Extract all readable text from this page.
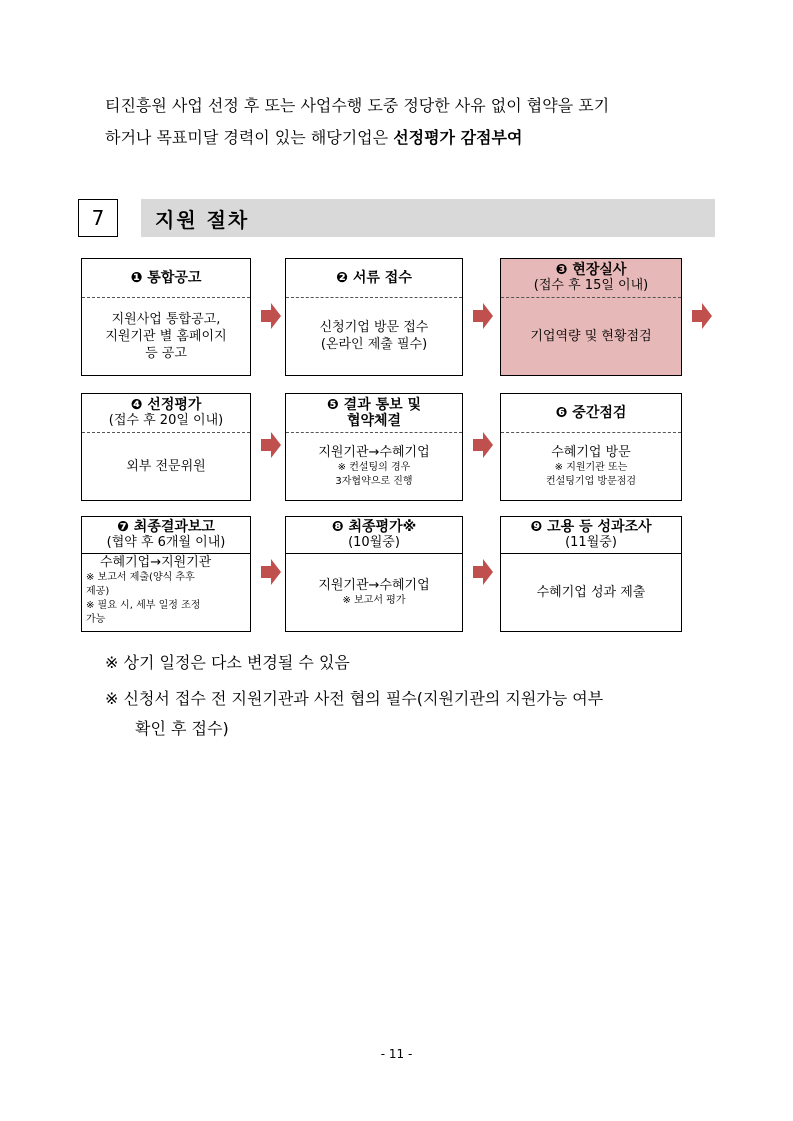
티진흥원 사업 선정 후 또는 사업수행 도중 정당한 사유 없이 협약을 포기
하거나 목표미달 경력이 있는 해당기업은 선정평가 감점부여
7	지원 절차
❶ 통합공고
지원사업 통합공고,
지원기관 별 홈페이지
등 공고
❷ 서류 접수
신청기업 방문 접수
(온라인 제출 필수)
❸ 현장실사
(접수 후 15일 이내)
기업역량 및 현황점검
❹ 선정평가
(접수 후 20일 이내)
외부 전문위원
❺ 결과 통보 및
협약체결
지원기관→수혜기업
※ 컨설팅의 경우
3자협약으로 진행
❻ 중간점검
수혜기업 방문
※ 지원기관 또는
컨설팅기업 방문점검
❼ 최종결과보고
(협약 후 6개월 이내)
수혜기업→지원기관
※ 보고서 제출(양식 추후
제공)
※ 필요 시, 세부 일정 조정
가능
❽ 최종평가※
(10월중)
지원기관→수혜기업
※ 보고서 평가
❾ 고용 등 성과조사
(11월중)
수혜기업 성과 제출
※ 상기 일정은 다소 변경될 수 있음
※ 신청서 접수 전 지원기관과 사전 협의 필수(지원기관의 지원가능 여부
확인 후 접수)
- 11 -
